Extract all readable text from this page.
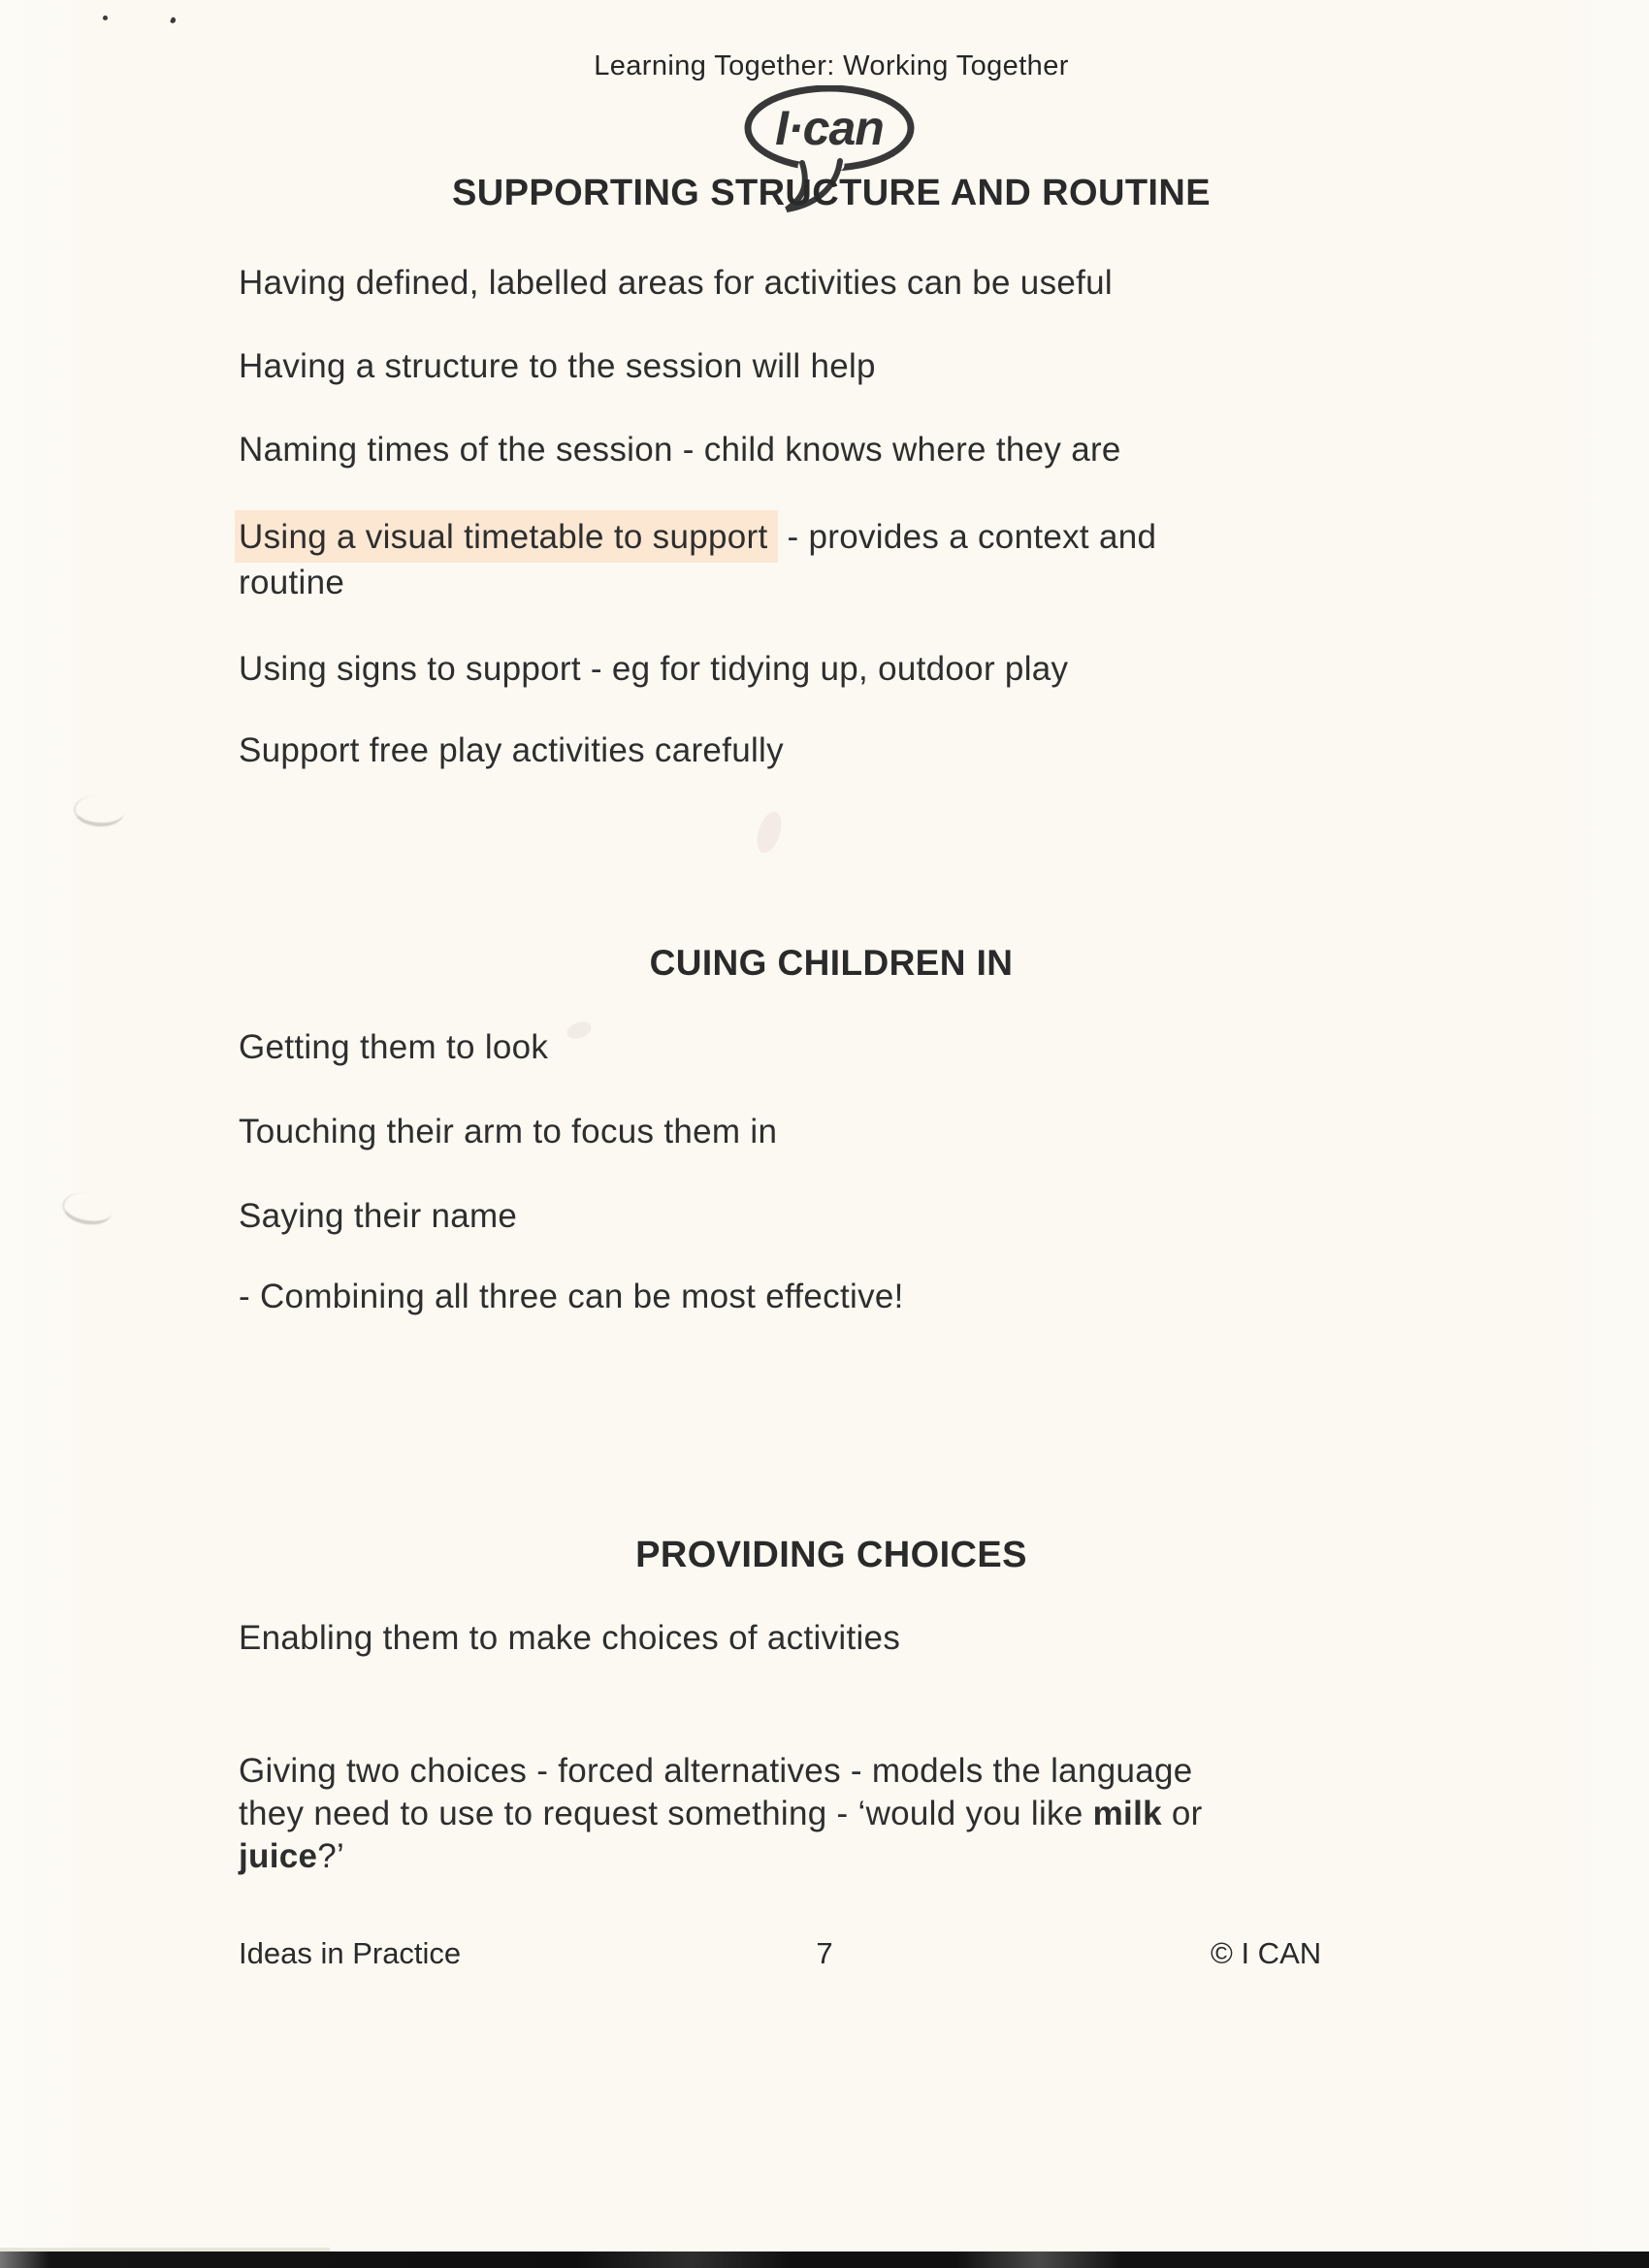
Learning Together: Working Together
I·can
SUPPORTING STRUCTURE AND ROUTINE
Having defined, labelled areas for activities can be useful
Having a structure to the session will help
Naming times of the session - child knows where they are
Using a visual timetable to support - provides a context and
routine
Using signs to support - eg for tidying up, outdoor play
Support free play activities carefully
CUING CHILDREN IN
Getting them to look
Touching their arm to focus them in
Saying their name
- Combining all three can be most effective!
PROVIDING CHOICES
Enabling them to make choices of activities
Giving two choices - forced alternatives - models the language
they need to use to request something - ‘would you like milk or
juice?’
Ideas in Practice	7	© I CAN
